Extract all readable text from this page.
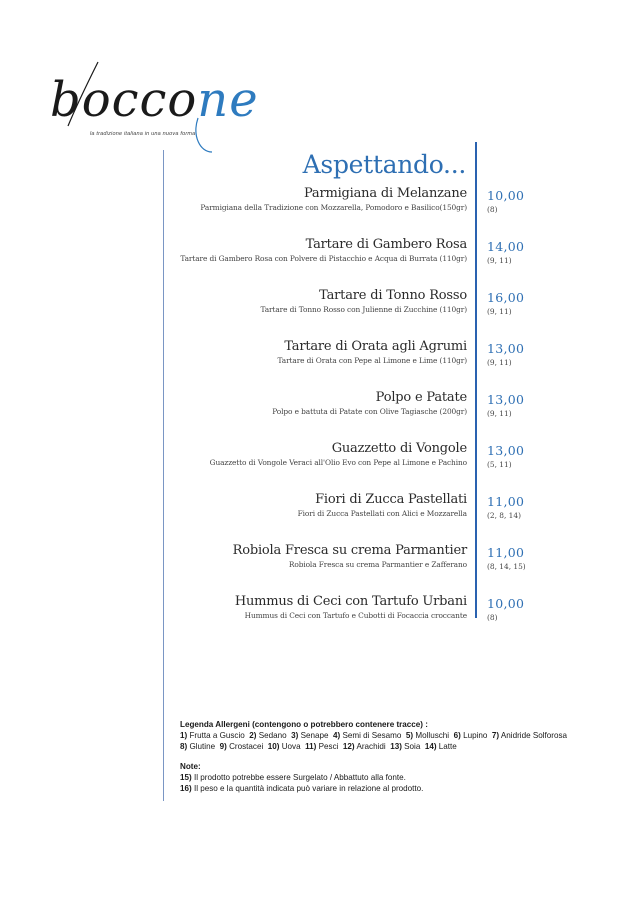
boccone
la tradizione italiana in una nuova forma
Aspettando...
Parmigiana di Melanzane
Parmigiana della Tradizione con Mozzarella, Pomodoro e Basilico(150gr)
10,00
(8)
Tartare di Gambero Rosa
Tartare di Gambero Rosa con Polvere di Pistacchio e Acqua di Burrata (110gr)
14,00
(9, 11)
Tartare di Tonno Rosso
Tartare di Tonno Rosso con Julienne di Zucchine (110gr)
16,00
(9, 11)
Tartare di Orata agli Agrumi
Tartare di Orata con Pepe al Limone e Lime (110gr)
13,00
(9, 11)
Polpo e Patate
Polpo e battuta di Patate con Olive Tagiasche (200gr)
13,00
(9, 11)
Guazzetto di Vongole
Guazzetto di Vongole Veraci all'Olio Evo con Pepe al Limone e Pachino
13,00
(5, 11)
Fiori di Zucca Pastellati
Fiori di Zucca Pastellati con Alici e Mozzarella
11,00
(2, 8, 14)
Robiola Fresca su crema Parmantier
Robiola Fresca su crema Parmantier e Zafferano
11,00
(8, 14, 15)
Hummus di Ceci con Tartufo Urbani
Hummus di Ceci con Tartufo e Cubotti di Focaccia croccante
10,00
(8)
Legenda Allergeni (contengono o potrebbero contenere tracce) :
1) Frutta a Guscio 2) Sedano 3) Senape 4) Semi di Sesamo 5) Molluschi 6) Lupino 7) Anidride Solforosa
8) Glutine 9) Crostacei 10) Uova 11) Pesci 12) Arachidi 13) Soia 14) Latte
Note:
15) Il prodotto potrebbe essere Surgelato / Abbattuto alla fonte.
16) Il peso e la quantità indicata può variare in relazione al prodotto.
